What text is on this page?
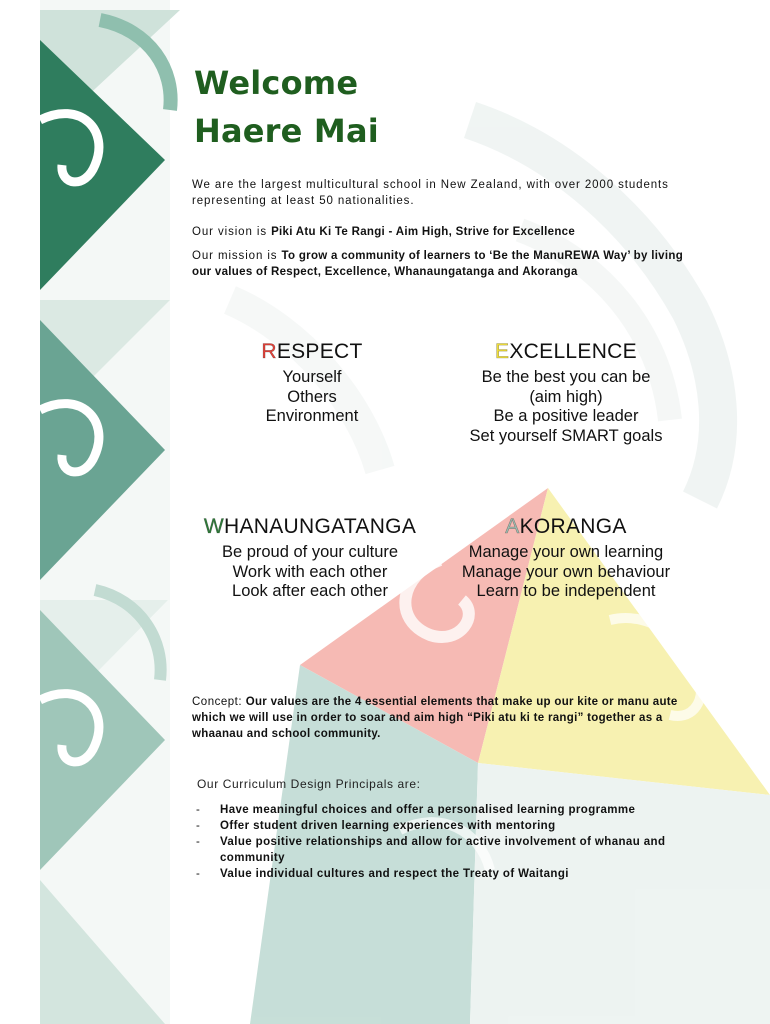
Welcome
Haere Mai

We are the largest multicultural school in New Zealand, with over 2000 students representing at least 50 nationalities.

Our vision is Piki Atu Ki Te Rangi - Aim High, Strive for Excellence

Our mission is To grow a community of learners to ‘Be the ManuREWA Way’ by living our values of Respect, Excellence, Whanaungatanga and Akoranga

RESPECT
Yourself
Others
Environment
EXCELLENCE
Be the best you can be
(aim high)
Be a positive leader
Set yourself SMART goals
WHANAUNGATANGA
Be proud of your culture
Work with each other
Look after each other
AKORANGA
Manage your own learning
Manage your own behaviour
Learn to be independent

Concept: Our values are the 4 essential elements that make up our kite or manu aute which we will use in order to soar and aim high “Piki atu ki te rangi” together as a whaanau and school community.

Our Curriculum Design Principals are:

- Have meaningful choices and offer a personalised learning programme
- Offer student driven learning experiences with mentoring
- Value positive relationships and allow for active involvement of whanau and community
- Value individual cultures and respect the Treaty of Waitangi
